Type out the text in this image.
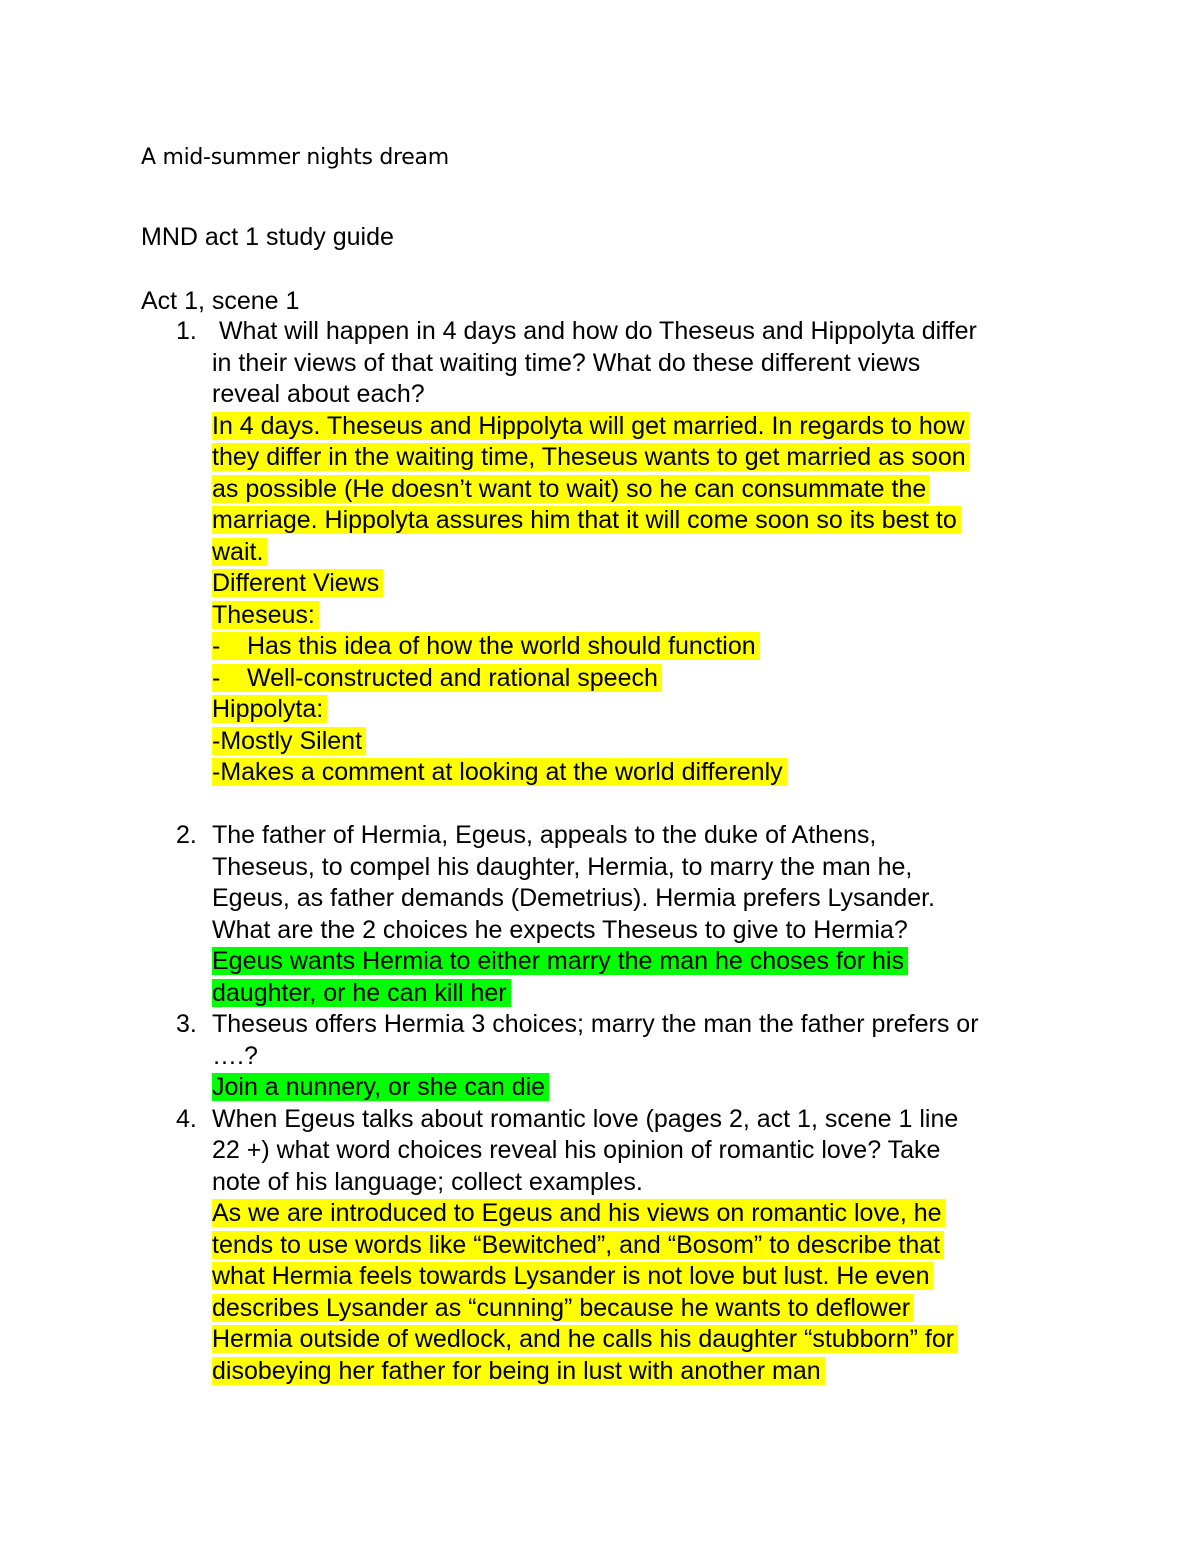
A mid-summer nights dream
MND act 1 study guide
Act 1, scene 1
1. What will happen in 4 days and how do Theseus and Hippolyta differ
in their views of that waiting time? What do these different views
reveal about each?
In 4 days. Theseus and Hippolyta will get married. In regards to how
they differ in the waiting time, Theseus wants to get married as soon
as possible (He doesn’t want to wait) so he can consummate the
marriage. Hippolyta assures him that it will come soon so its best to
wait.
Different Views
Theseus:
- Has this idea of how the world should function
- Well-constructed and rational speech
Hippolyta:
-Mostly Silent
-Makes a comment at looking at the world differenly
2. The father of Hermia, Egeus, appeals to the duke of Athens,
Theseus, to compel his daughter, Hermia, to marry the man he,
Egeus, as father demands (Demetrius). Hermia prefers Lysander.
What are the 2 choices he expects Theseus to give to Hermia?
Egeus wants Hermia to either marry the man he choses for his
daughter, or he can kill her
3. Theseus offers Hermia 3 choices; marry the man the father prefers or
….?
Join a nunnery, or she can die
4. When Egeus talks about romantic love (pages 2, act 1, scene 1 line
22 +) what word choices reveal his opinion of romantic love? Take
note of his language; collect examples.
As we are introduced to Egeus and his views on romantic love, he
tends to use words like “Bewitched”, and “Bosom” to describe that
what Hermia feels towards Lysander is not love but lust. He even
describes Lysander as “cunning” because he wants to deflower
Hermia outside of wedlock, and he calls his daughter “stubborn” for
disobeying her father for being in lust with another man
